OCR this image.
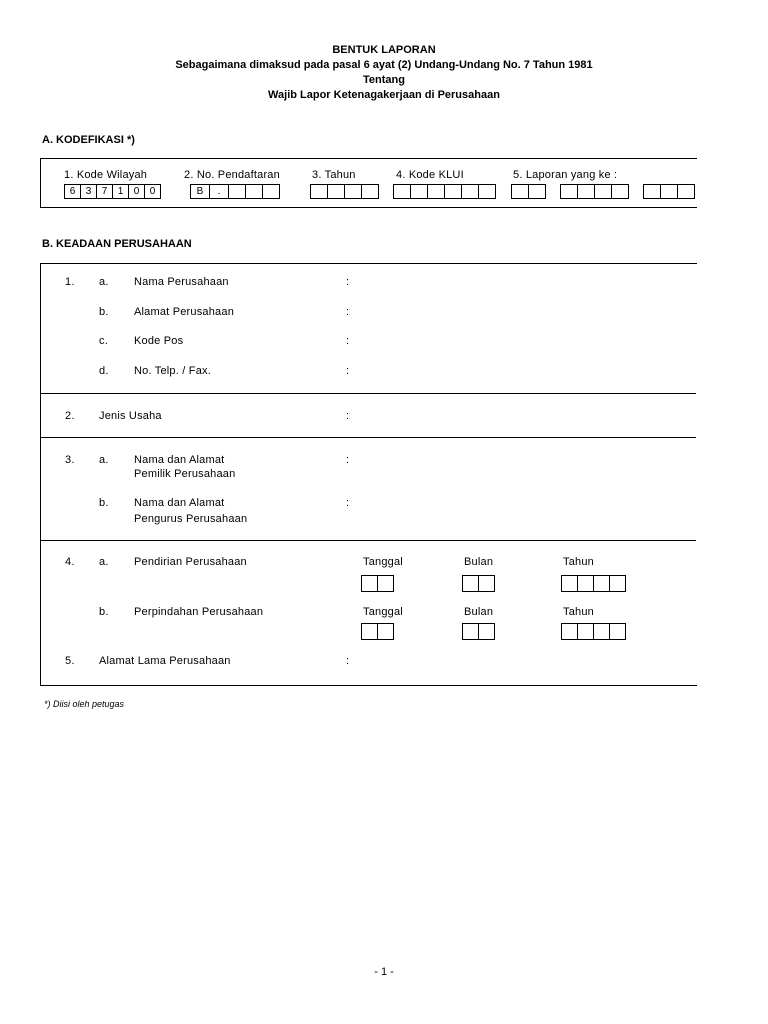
BENTUK LAPORAN
Sebagaimana dimaksud pada pasal 6 ayat (2) Undang-Undang No. 7 Tahun 1981
Tentang
Wajib Lapor Ketenagakerjaan di Perusahaan
A. KODEFIKASI *)
1. Kode Wilayah
6	3	7	1	0	0
2. No. Pendaftaran
B	.
3. Tahun	4. Kode KLUI	5. Laporan yang ke :
B. KEADAAN PERUSAHAAN
1. a. Nama Perusahaan	:
b. Alamat Perusahaan	:
c. Kode Pos	:
d. No. Telp. / Fax.	:
2. Jenis Usaha	:
3. a. Nama dan Alamat
Pemilik Perusahaan
:
b. Nama dan Alamat
Pengurus Perusahaan
:
4. a. Pendirian Perusahaan	Tanggal	Bulan	Tahun
b. Perpindahan Perusahaan	Tanggal	Bulan	Tahun
5. Alamat Lama Perusahaan	:
*) Diisi oleh petugas
- 1 -
